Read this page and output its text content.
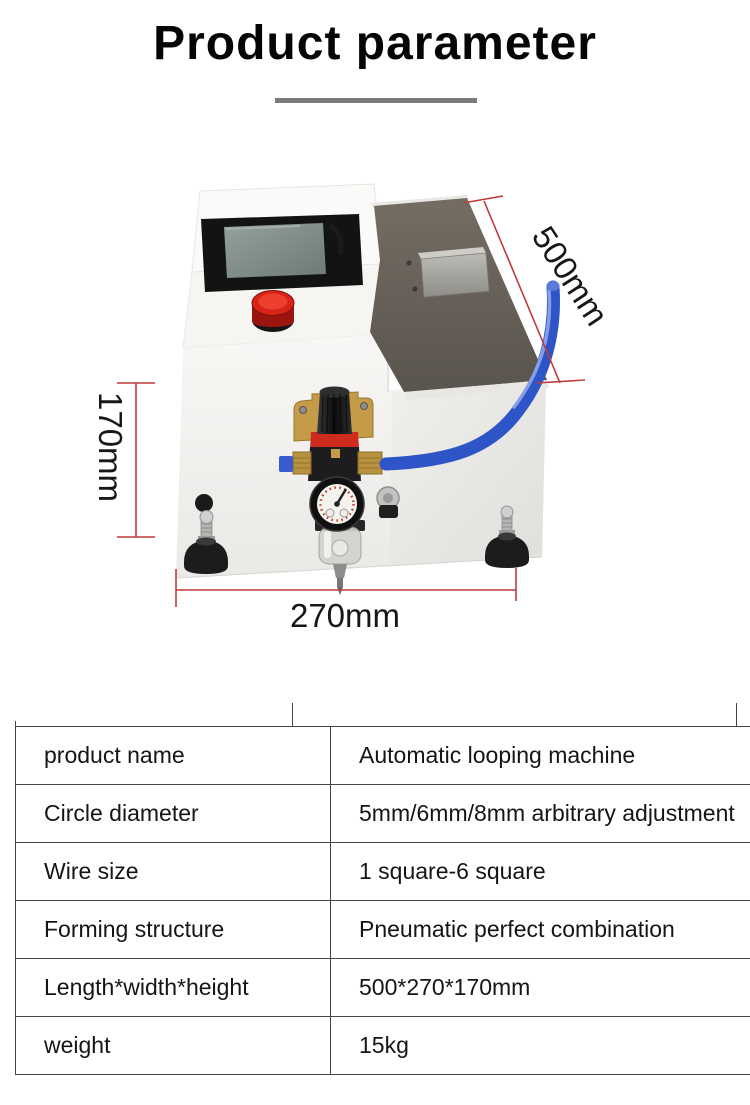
Product parameter
170mm
500mm
270mm
product name	Automatic looping machine
Circle diameter	5mm/6mm/8mm arbitrary adjustment
Wire size	1 square-6 square
Forming structure	Pneumatic perfect combination
Length*width*height	500*270*170mm
weight	15kg
